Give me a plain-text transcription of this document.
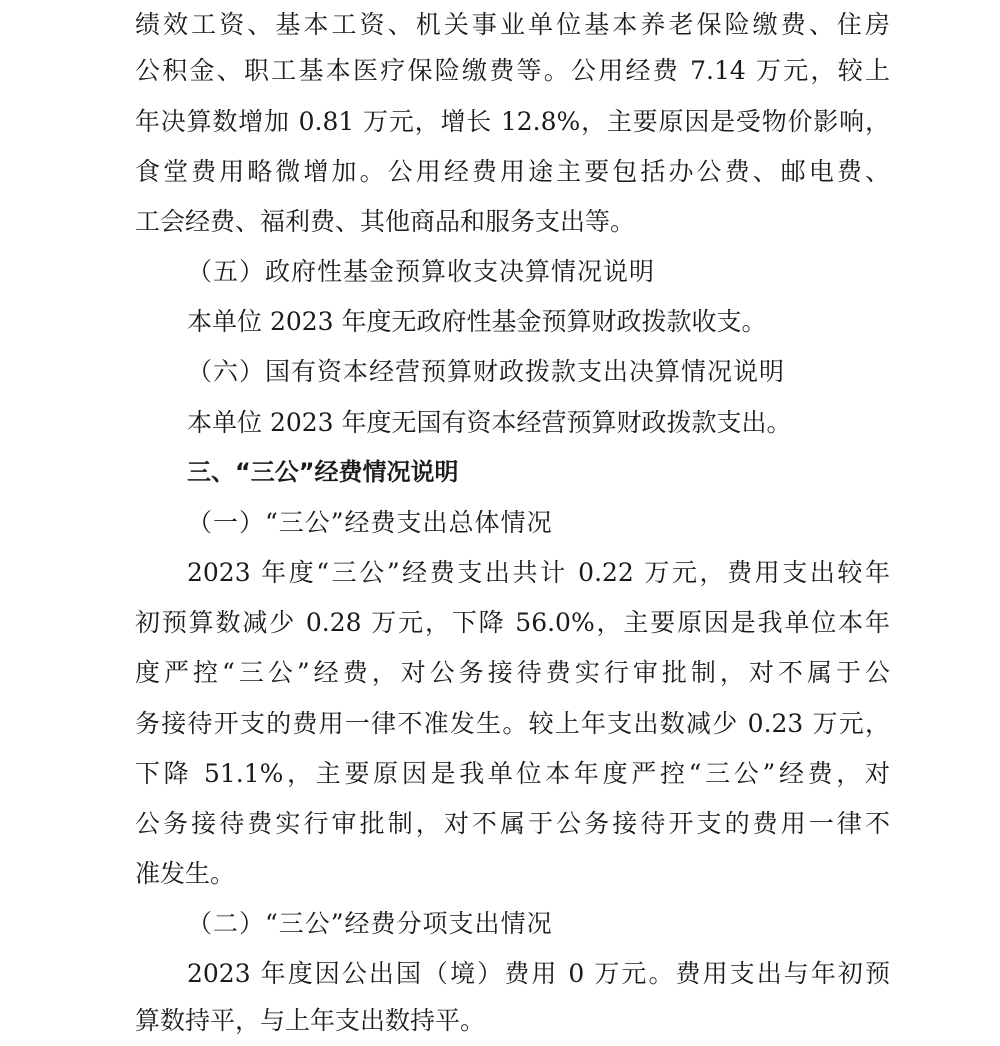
绩效工资、基本工资、机关事业单位基本养老保险缴费、住房
公积金、职工基本医疗保险缴费等。公用经费 7.14 万元，较上
年决算数增加 0.81 万元，增长 12.8%，主要原因是受物价影响，
食堂费用略微增加。公用经费用途主要包括办公费、邮电费、
工会经费、福利费、其他商品和服务支出等。
（五）政府性基金预算收支决算情况说明
本单位 2023 年度无政府性基金预算财政拨款收支。
（六）国有资本经营预算财政拨款支出决算情况说明
本单位 2023 年度无国有资本经营预算财政拨款支出。
三、“三公”经费情况说明
（一）“三公”经费支出总体情况
2023 年度“三公”经费支出共计 0.22 万元，费用支出较年
初预算数减少 0.28 万元，下降 56.0%，主要原因是我单位本年
度严控“三公”经费，对公务接待费实行审批制，对不属于公
务接待开支的费用一律不准发生。较上年支出数减少 0.23 万元，
下降 51.1%，主要原因是我单位本年度严控“三公”经费，对
公务接待费实行审批制，对不属于公务接待开支的费用一律不
准发生。
（二）“三公”经费分项支出情况
2023 年度因公出国（境）费用 0 万元。费用支出与年初预
算数持平，与上年支出数持平。
